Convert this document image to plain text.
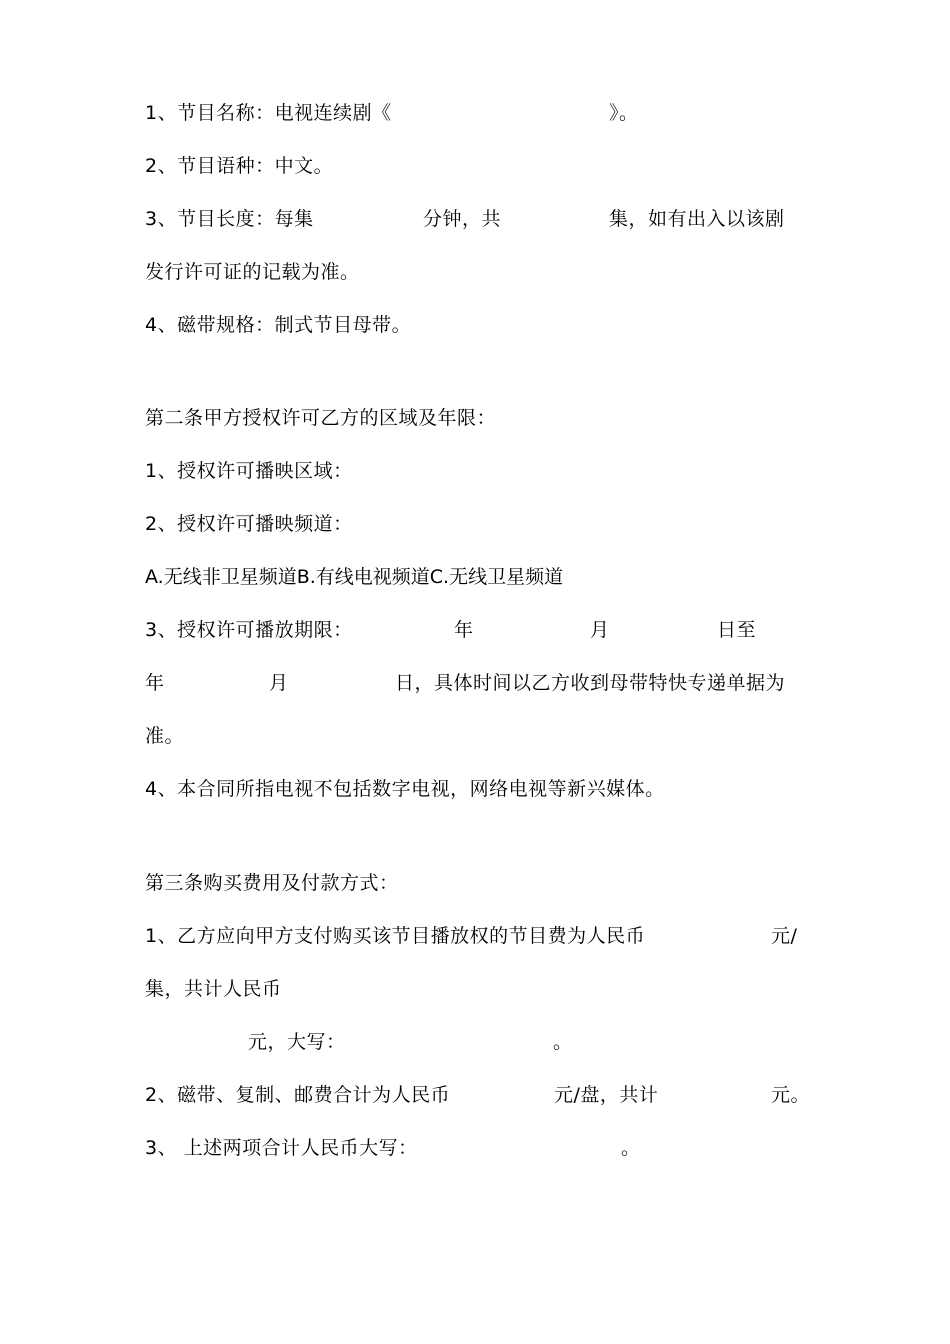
1、节目名称：电视连续剧《

	》。

2、节目语种：中文。

3、节目长度：每集

	分钟，共

	集，如有出入以该剧

发行许可证的记载为准。
4、磁带规格：制式节目母带。
第二条甲方授权许可乙方的区域及年限：
1、授权许可播映区域：
2、授权许可播映频道：
A.无线非卫星频道B.有线电视频道C.无线卫星频道

3、授权许可播放期限：

	年

	月

	日至

年

	月

	日，具体时间以乙方收到母带特快专递单据为

准。
4、本合同所指电视不包括数字电视，网络电视等新兴媒体。
第三条购买费用及付款方式：

1、乙方应向甲方支付购买该节目播放权的节目费为人民币

	元/

集，共计人民币

元，大写：

	。

2、磁带、复制、邮费合计为人民币

	元/盘，共计

	元。

3、 上述两项合计人民币大写：

	。
